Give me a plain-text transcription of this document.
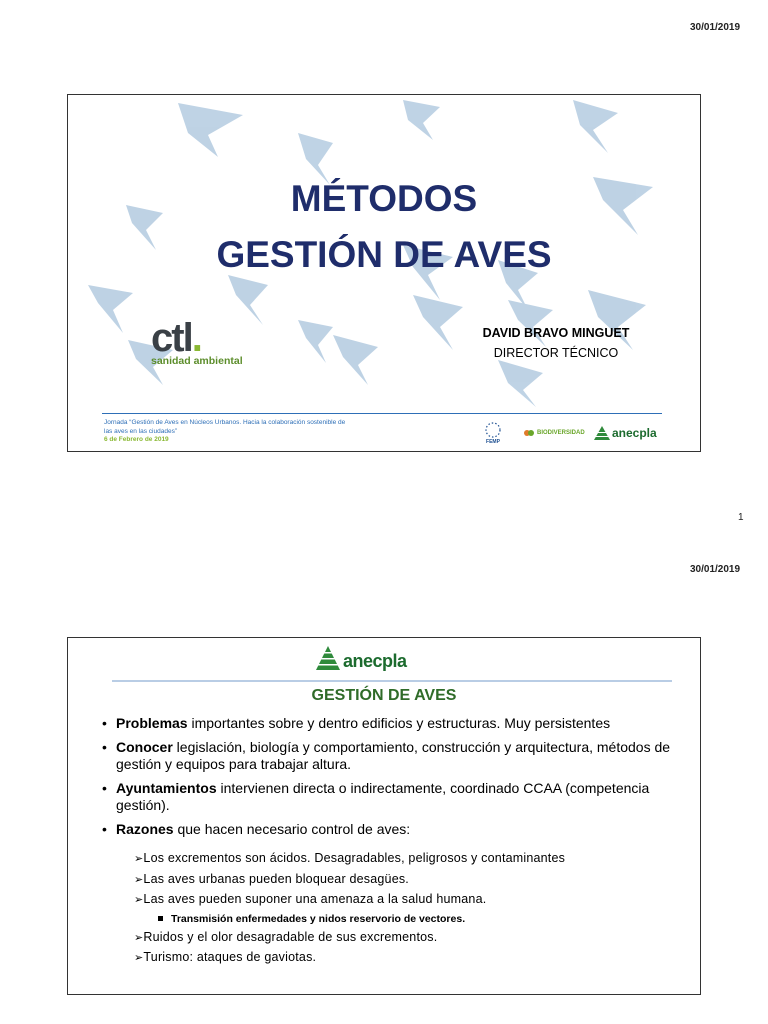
30/01/2019
MÉTODOS
GESTIÓN DE AVES
DAVID BRAVO MINGUET
DIRECTOR TÉCNICO
ctl.
sanidad ambiental
Jornada “Gestión de Aves en Núcleos Urbanos. Hacia la colaboración sostenible de
las aves en las ciudades”
6 de Febrero de 2019	FEMP
BIODIVERSIDAD anecpla
1
30/01/2019
anecpla
GESTIÓN DE AVES
• Problemas importantes sobre y dentro edificios y estructuras. Muy persistentes
• Conocer legislación, biología y comportamiento, construcción y arquitectura, métodos de gestión y equipos para trabajar altura.
• Ayuntamientos intervienen directa o indirectamente, coordinado CCAA (competencia gestión).
• Razones que hacen necesario control de aves:

➢Los excrementos son ácidos. Desagradables, peligrosos y contaminantes

➢Las aves urbanas pueden bloquear desagües.

➢Las aves pueden suponer una amenaza a la salud humana.

Transmisión enfermedades y nidos reservorio de vectores.

➢Ruidos y el olor desagradable de sus excrementos.

➢Turismo: ataques de gaviotas.
